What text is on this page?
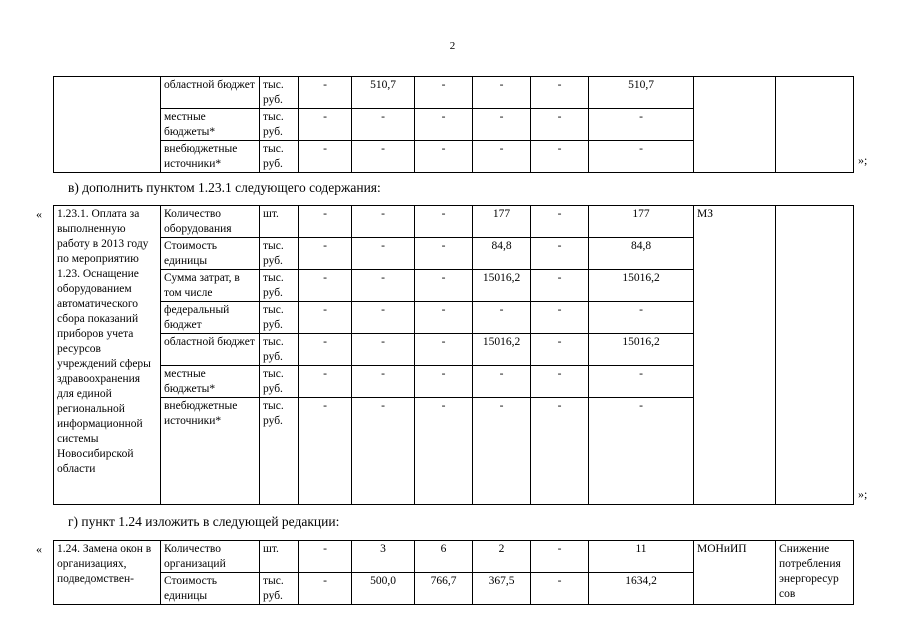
2
	областной бюджет	тыс. руб.	-	510,7	-	-	-	510,7		
	местные бюджеты*	тыс. руб.	-	-	-	-	-	-		
	внебюджетные источники*	тыс. руб.	-	-	-	-	-	-		
»;
в) дополнить пунктом 1.23.1 следующего содержания:
« 1.23.1. Оплата за выполненную работу в 2013 году по мероприятию 1.23. Оснащение оборудованием автоматического сбора показаний приборов учета ресурсов учреждений сферы здравоохранения для единой региональной информационной системы Новосибирской области	Количество оборудования	шт.	-	-	-	177	-	177	МЗ	
	Стоимость единицы	тыс. руб.	-	-	-	84,8	-	84,8		
	Сумма затрат, в том числе	тыс. руб.	-	-	-	15016,2	-	15016,2		
	федеральный бюджет	тыс. руб.	-	-	-	-	-	-		
	областной бюджет	тыс. руб.	-	-	-	15016,2	-	15016,2		
	местные бюджеты*	тыс. руб.	-	-	-	-	-	-		
	внебюджетные источники*	тыс. руб.	-	-	-	-	-	-		
»;
г) пункт 1.24 изложить в следующей редакции:
« 1.24. Замена окон в организациях, подведомствен-	Количество организаций	шт.	-	3	6	2	-	11	МОНиИП	Снижение потребления энергоресур сов
	Стоимость единицы	тыс. руб.	-	500,0	766,7	367,5	-	1634,2		
